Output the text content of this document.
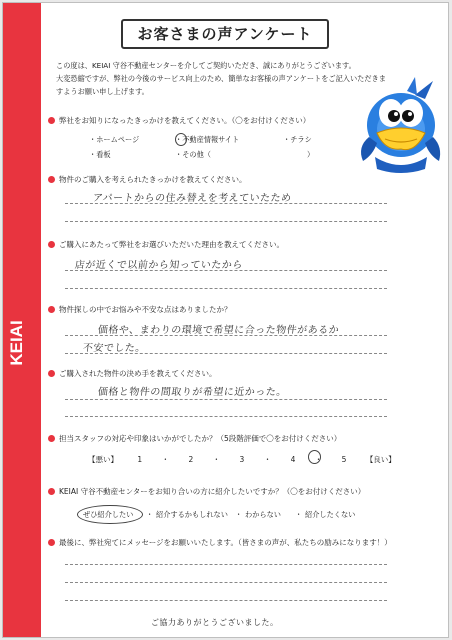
KEIAI
お客さまの声アンケート
この度は、KEIAI 守谷不動産センターを介してご契約いただき、誠にありがとうございます。
大変恐縮ですが、弊社の今後のサービス向上のため、簡単なお客様の声アンケートをご記入いただきま
すようお願い申し上げます。
弊社をお知りになったきっかけを教えてください。（〇をお付けください）
・ホームページ	・不動産情報サイト	・チラシ
・看板	・その他（	）
物件のご購入を考えられたきっかけを教えてください。
アパートからの住み替えを考えていたため
ご購入にあたって弊社をお選びいただいた理由を教えてください。
店が近くで以前から知っていたから
物件探しの中でお悩みや不安な点はありましたか？
価格や、まわりの環境で希望に合った物件があるか
不安でした。
ご購入された物件の決め手を教えてください。
価格と物件の間取りが希望に近かった。
担当スタッフの対応や印象はいかがでしたか？（5段階評価で〇をお付けください）
【悪い】	1	・	2	・	3	・	4	・	5	【良い】
KEIAI 守谷不動産センターをお知り合いの方に紹介したいですか？（〇をお付けください）
ぜひ紹介したい ・ 紹介するかもしれない ・ わからない ・ 紹介したくない
最後に、弊社宛てにメッセージをお願いいたします。（皆さまの声が、私たちの励みになります！）
ご協力ありがとうございました。
